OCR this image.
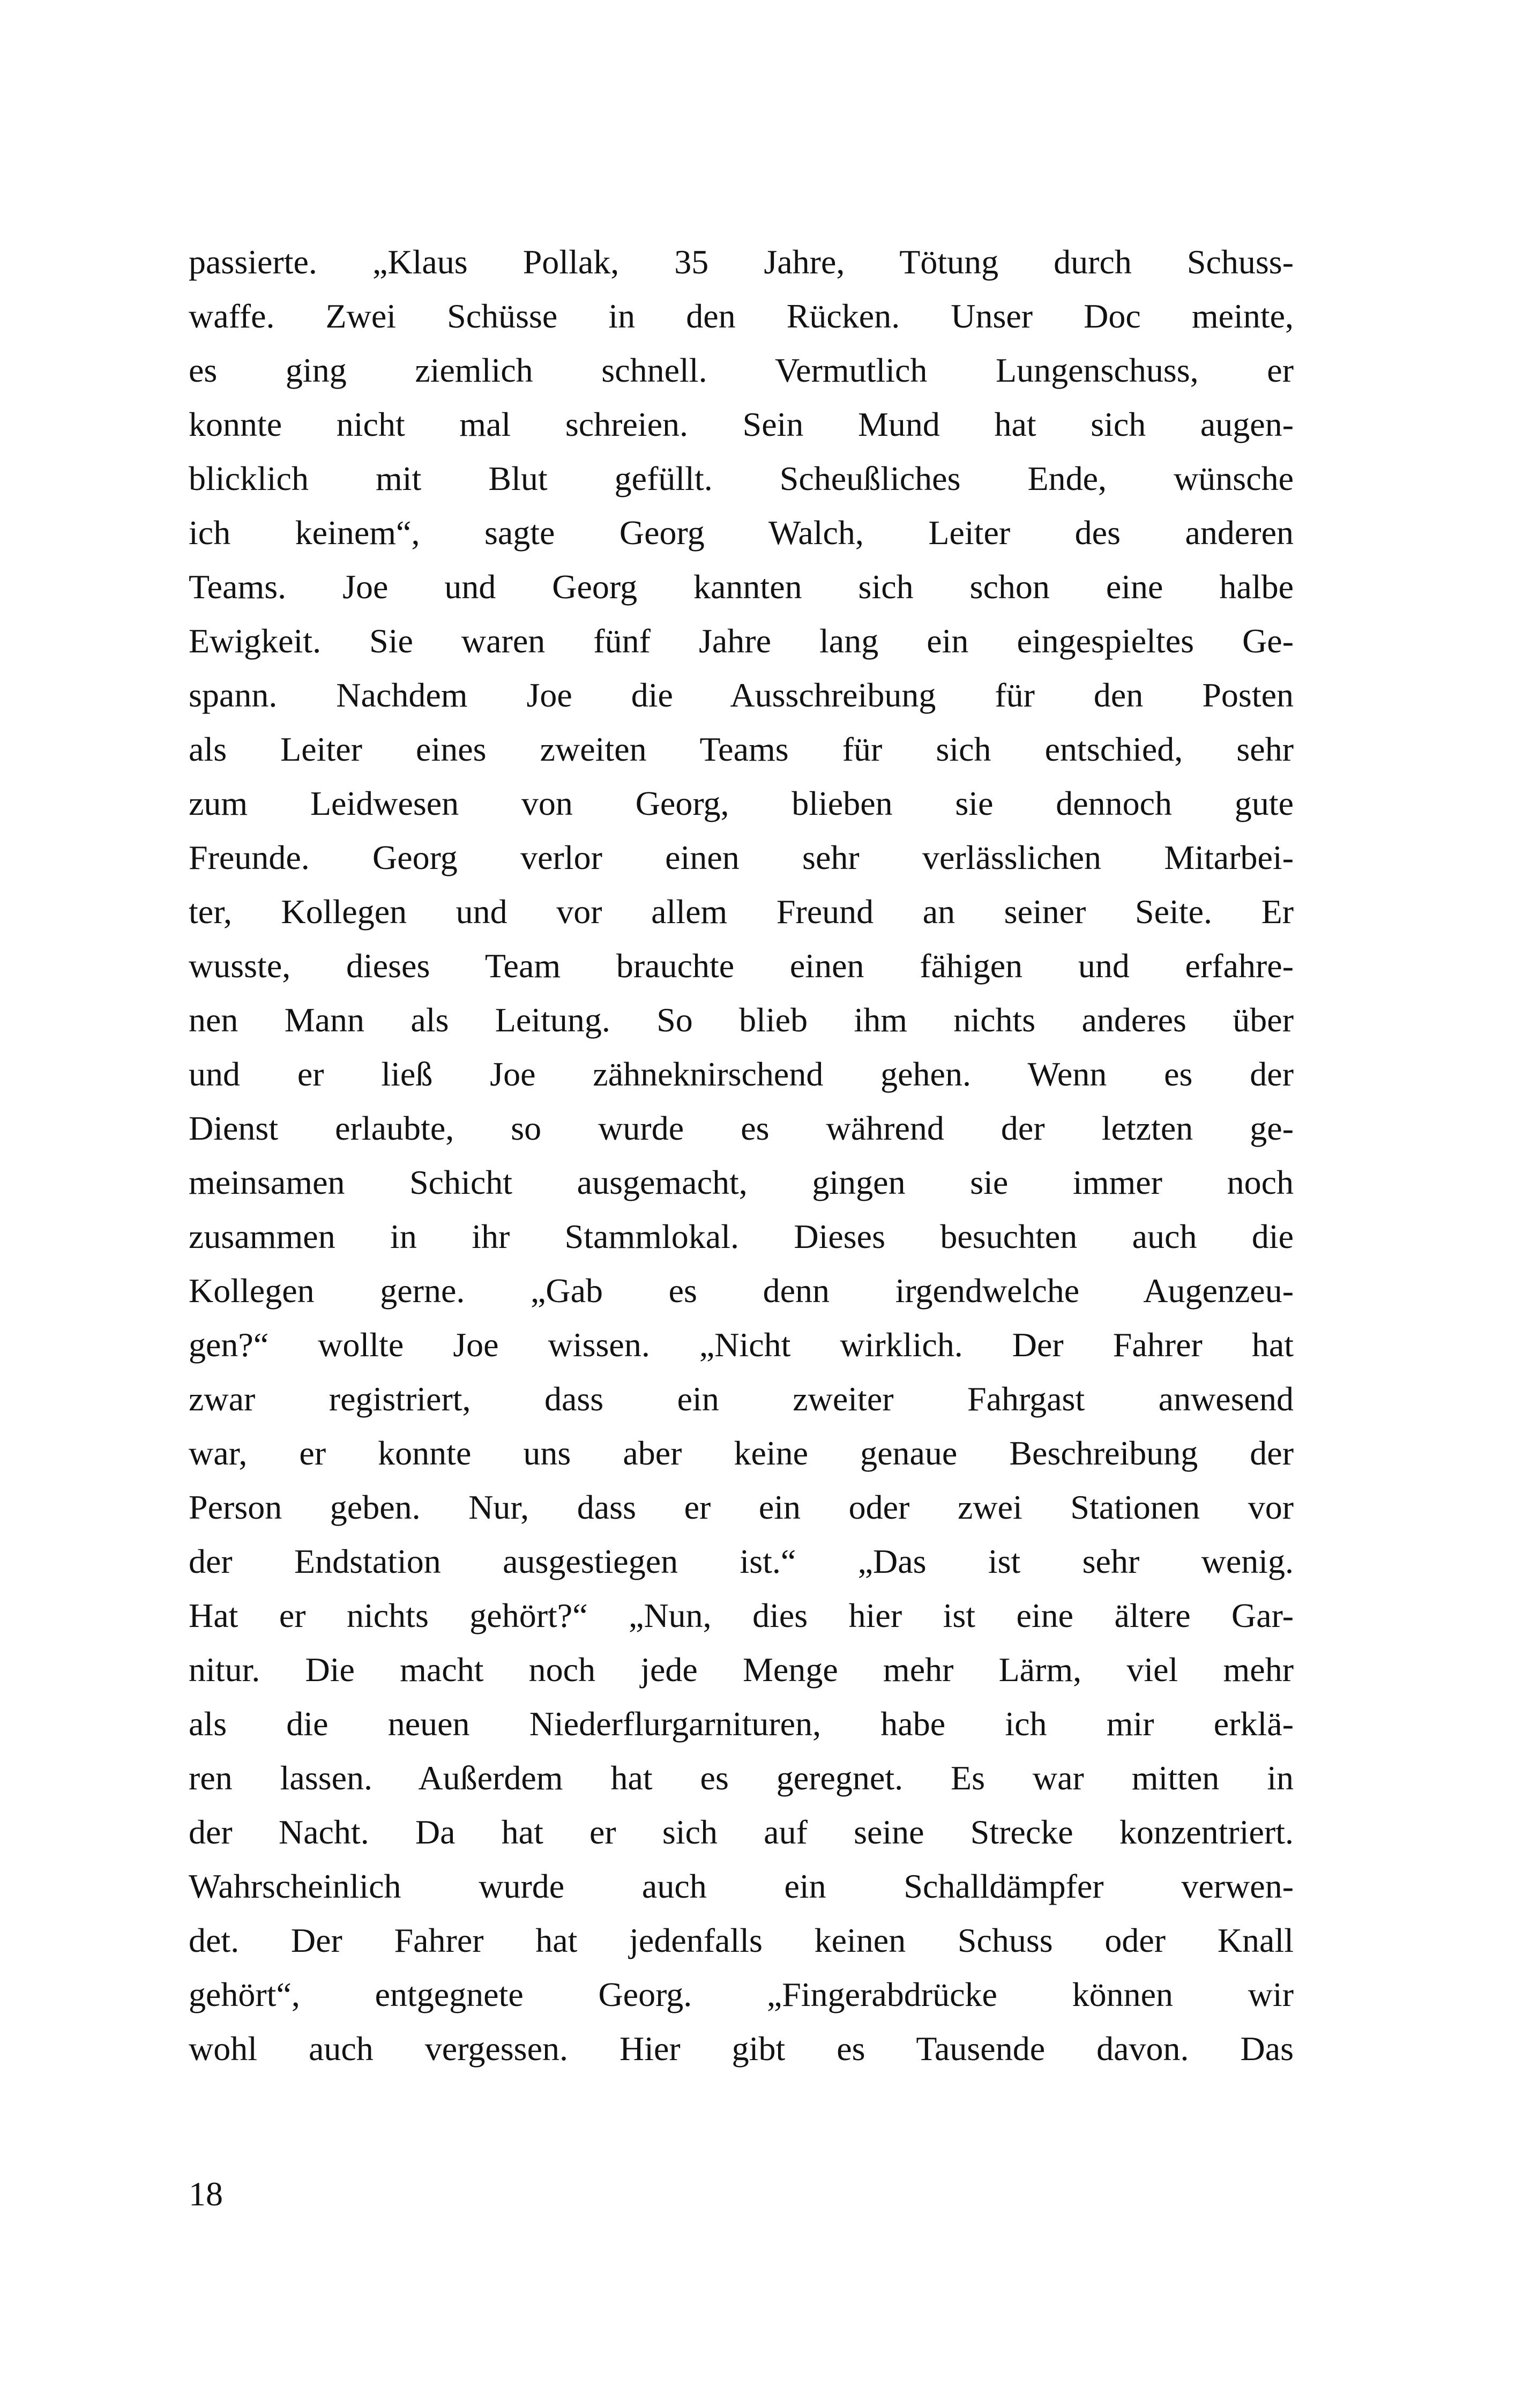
passierte. „Klaus Pollak, 35 Jahre, Tötung durch Schuss-
waffe. Zwei Schüsse in den Rücken. Unser Doc meinte,
es ging ziemlich schnell. Vermutlich Lungenschuss, er
konnte nicht mal schreien. Sein Mund hat sich augen-
blicklich mit Blut gefüllt. Scheußliches Ende, wünsche
ich keinem“, sagte Georg Walch, Leiter des anderen
Teams. Joe und Georg kannten sich schon eine halbe
Ewigkeit. Sie waren fünf Jahre lang ein eingespieltes Ge-
spann. Nachdem Joe die Ausschreibung für den Posten
als Leiter eines zweiten Teams für sich entschied, sehr
zum Leidwesen von Georg, blieben sie dennoch gute
Freunde. Georg verlor einen sehr verlässlichen Mitarbei-
ter, Kollegen und vor allem Freund an seiner Seite. Er
wusste, dieses Team brauchte einen fähigen und erfahre-
nen Mann als Leitung. So blieb ihm nichts anderes über
und er ließ Joe zähneknirschend gehen. Wenn es der
Dienst erlaubte, so wurde es während der letzten ge-
meinsamen Schicht ausgemacht, gingen sie immer noch
zusammen in ihr Stammlokal. Dieses besuchten auch die
Kollegen gerne. „Gab es denn irgendwelche Augenzeu-
gen?“ wollte Joe wissen. „Nicht wirklich. Der Fahrer hat
zwar registriert, dass ein zweiter Fahrgast anwesend
war, er konnte uns aber keine genaue Beschreibung der
Person geben. Nur, dass er ein oder zwei Stationen vor
der Endstation ausgestiegen ist.“ „Das ist sehr wenig.
Hat er nichts gehört?“ „Nun, dies hier ist eine ältere Gar-
nitur. Die macht noch jede Menge mehr Lärm, viel mehr
als die neuen Niederflurgarnituren, habe ich mir erklä-
ren lassen. Außerdem hat es geregnet. Es war mitten in
der Nacht. Da hat er sich auf seine Strecke konzentriert.
Wahrscheinlich wurde auch ein Schalldämpfer verwen-
det. Der Fahrer hat jedenfalls keinen Schuss oder Knall
gehört“, entgegnete Georg. „Fingerabdrücke können wir
wohl auch vergessen. Hier gibt es Tausende davon. Das
18
